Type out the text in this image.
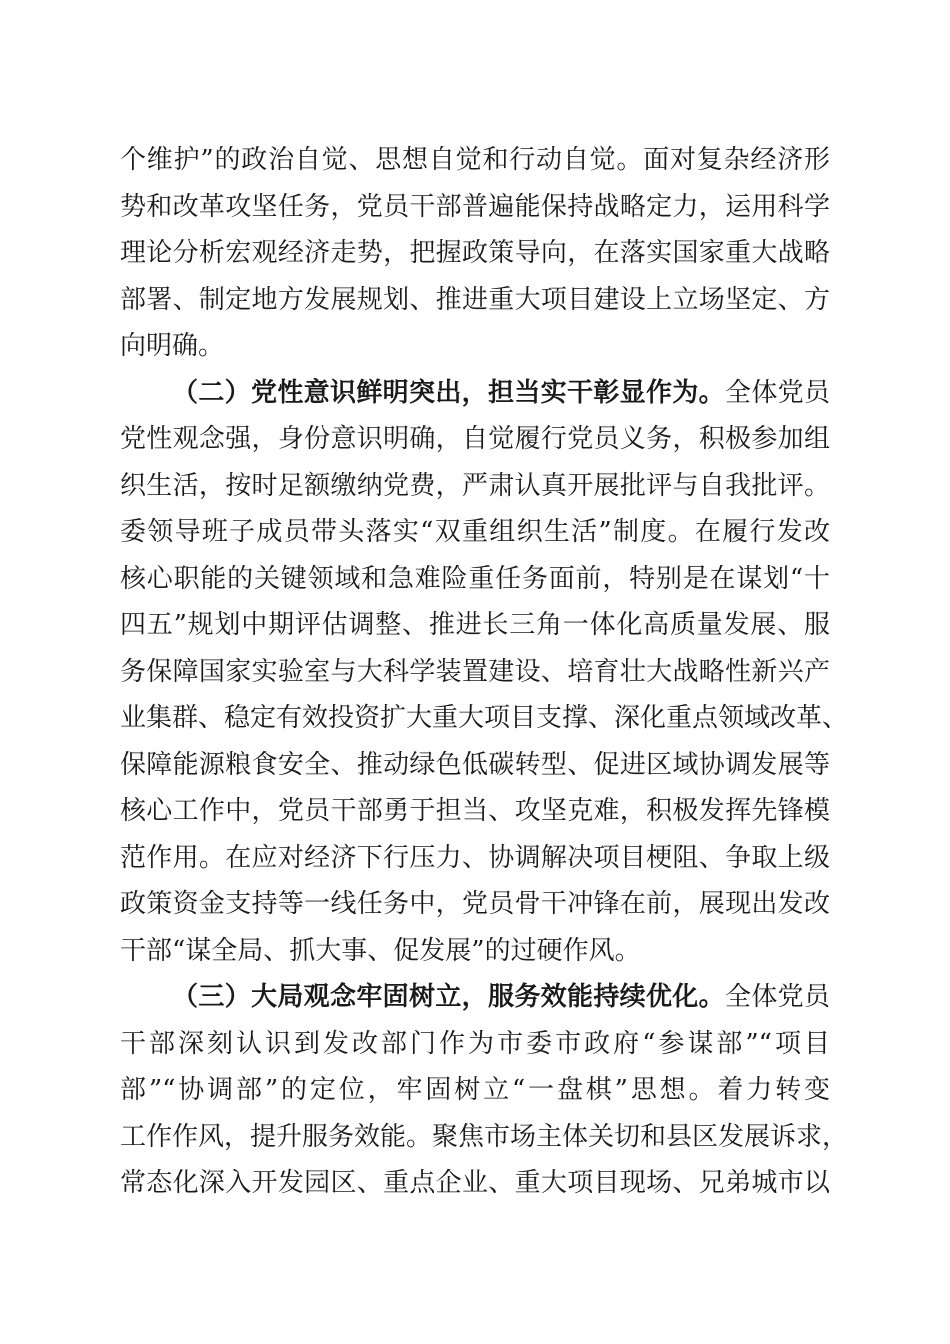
个维护”的政治自觉、思想自觉和行动自觉。面对复杂经济形
势和改革攻坚任务，党员干部普遍能保持战略定力，运用科学
理论分析宏观经济走势，把握政策导向，在落实国家重大战略
部署、制定地方发展规划、推进重大项目建设上立场坚定、方
向明确。
（二）党性意识鲜明突出，担当实干彰显作为。全体党员
党性观念强，身份意识明确，自觉履行党员义务，积极参加组
织生活，按时足额缴纳党费，严肃认真开展批评与自我批评。
委领导班子成员带头落实“双重组织生活”制度。在履行发改
核心职能的关键领域和急难险重任务面前，特别是在谋划“十
四五”规划中期评估调整、推进长三角一体化高质量发展、服
务保障国家实验室与大科学装置建设、培育壮大战略性新兴产
业集群、稳定有效投资扩大重大项目支撑、深化重点领域改革、
保障能源粮食安全、推动绿色低碳转型、促进区域协调发展等
核心工作中，党员干部勇于担当、攻坚克难，积极发挥先锋模
范作用。在应对经济下行压力、协调解决项目梗阻、争取上级
政策资金支持等一线任务中，党员骨干冲锋在前，展现出发改
干部“谋全局、抓大事、促发展”的过硬作风。
（三）大局观念牢固树立，服务效能持续优化。全体党员
干部深刻认识到发改部门作为市委市政府“参谋部”“项目
部”“协调部”的定位，牢固树立“一盘棋”思想。着力转变
工作作风，提升服务效能。聚焦市场主体关切和县区发展诉求，
常态化深入开发园区、重点企业、重大项目现场、兄弟城市以
